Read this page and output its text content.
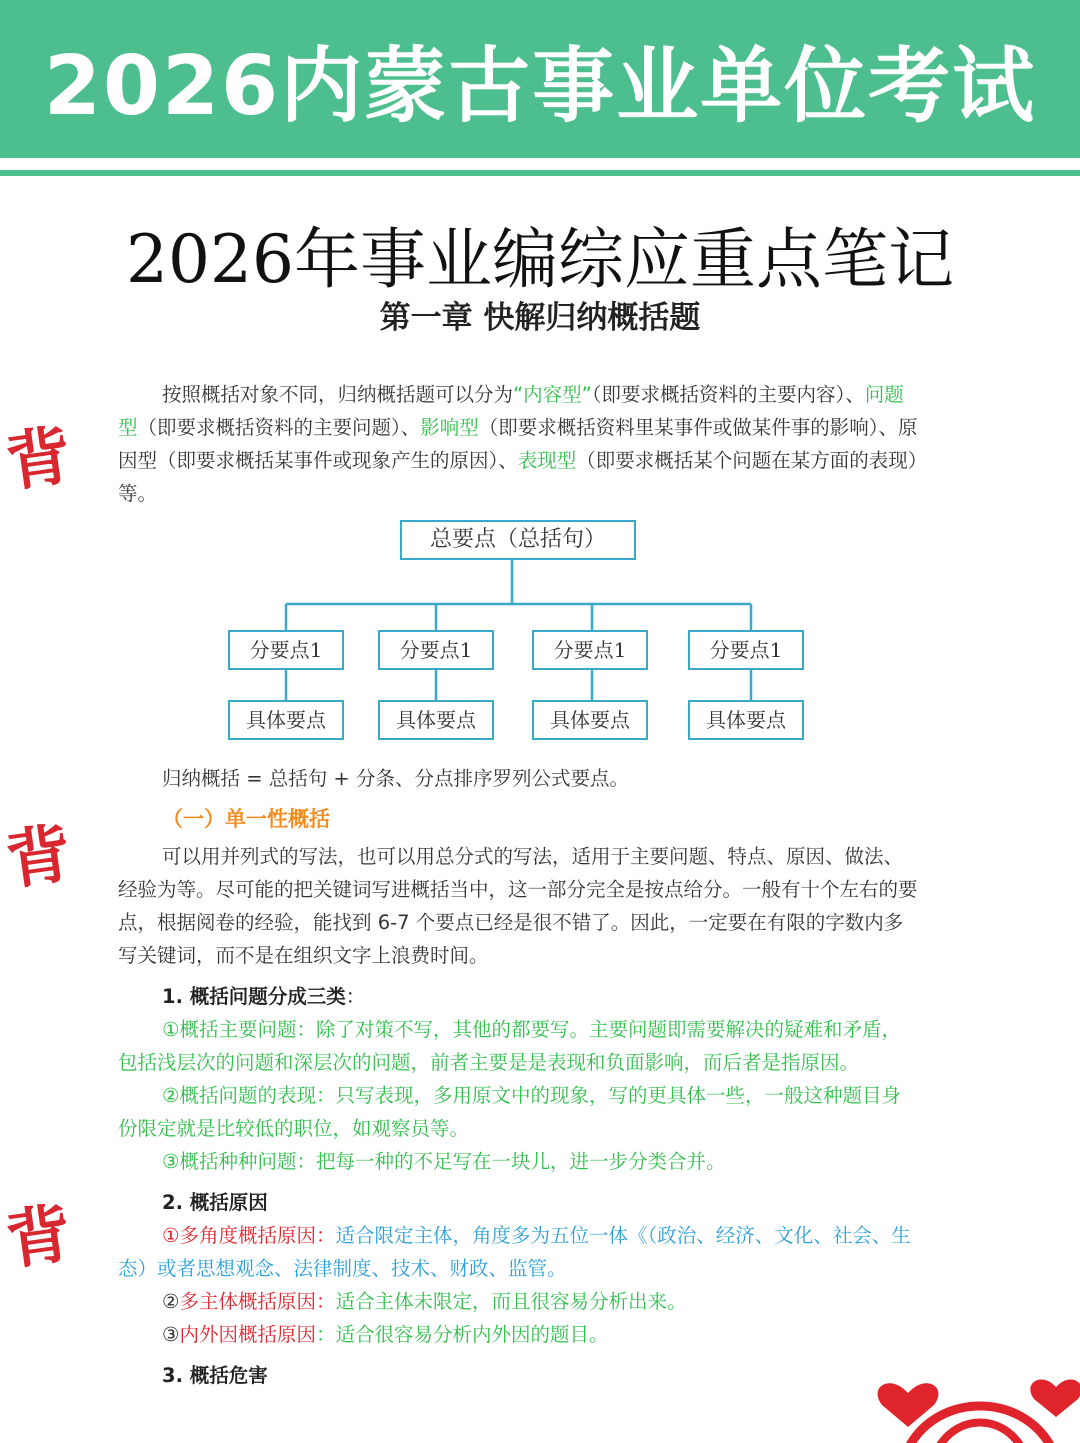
2026内蒙古事业单位考试
2026年事业编综应重点笔记
第一章 快解归纳概括题
背
背
背

按照概括对象不同，归纳概括题可以分为“内容型”（即要求概括资料的主要内容）、问题型（即要求概括资料的主要问题）、影响型（即要求概括资料里某事件或做某件事的影响）、原因型（即要求概括某事件或现象产生的原因）、表现型（即要求概括某个问题在某方面的表现）等。

总要点（总括句）
分要点1	分要点1	分要点1	分要点1
具体要点	具体要点	具体要点	具体要点

归纳概括 = 总括句 + 分条、分点排序罗列公式要点。

（一）单一性概括

可以用并列式的写法，也可以用总分式的写法，适用于主要问题、特点、原因、做法、经验为等。尽可能的把关键词写进概括当中，这一部分完全是按点给分。一般有十个左右的要点，根据阅卷的经验，能找到 6-7 个要点已经是很不错了。因此，一定要在有限的字数内多写关键词，而不是在组织文字上浪费时间。

1. 概括问题分成三类：

①概括主要问题：除了对策不写，其他的都要写。主要问题即需要解决的疑难和矛盾，包括浅层次的问题和深层次的问题，前者主要是是表现和负面影响，而后者是指原因。

②概括问题的表现：只写表现，多用原文中的现象，写的更具体一些，一般这种题目身份限定就是比较低的职位，如观察员等。

③概括种种问题：把每一种的不足写在一块儿，进一步分类合并。

2. 概括原因

①多角度概括原因：适合限定主体，角度多为五位一体《（政治、经济、文化、社会、生态）或者思想观念、法律制度、技术、财政、监管。

②多主体概括原因：适合主体未限定，而且很容易分析出来。

③内外因概括原因：适合很容易分析内外因的题目。

3. 概括危害
